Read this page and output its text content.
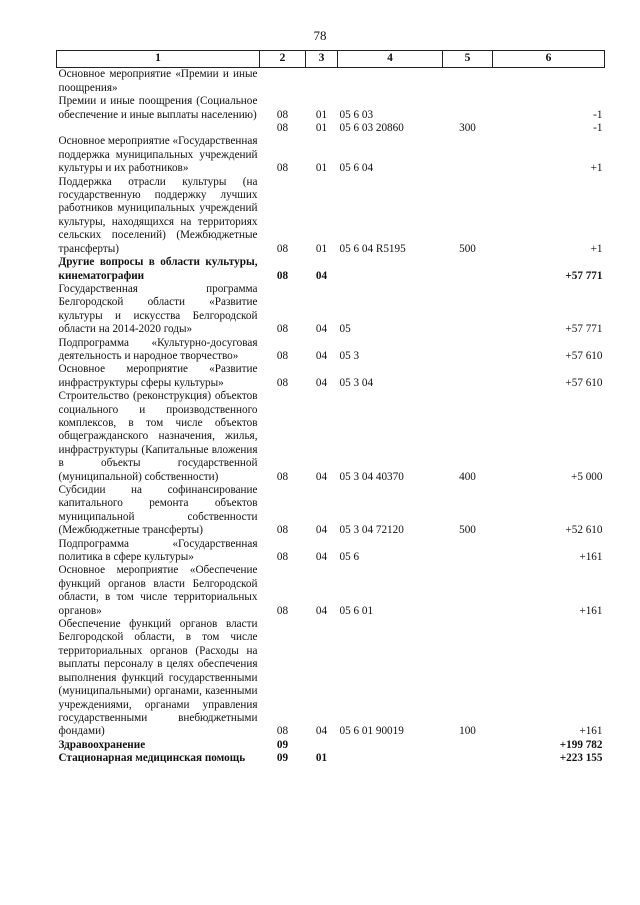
78
1	2	3	4	5	6
Основное мероприятие «Премии и иные поощрения»					
Премии и иные поощрения (Социальное обеспечение и иные выплаты населению)	08	01	05 6 03		-1
	08	01	05 6 03 20860	300	-1
Основное мероприятие «Государственная поддержка муниципальных учреждений культуры и их работников»	08	01	05 6 04		+1
Поддержка отрасли культуры (на государственную поддержку лучших работников муниципальных учреждений культуры, находящихся на территориях сельских поселений) (Межбюджетные трансферты)	08	01	05 6 04 R5195	500	+1
Другие вопросы в области культуры, кинематографии	08	04			+57 771
Государственная программа Белгородской области «Развитие культуры и искусства Белгородской области на 2014-2020 годы»	08	04	05		+57 771
Подпрограмма «Культурно-досуговая деятельность и народное творчество»	08	04	05 3		+57 610
Основное мероприятие «Развитие инфраструктуры сферы культуры»	08	04	05 3 04		+57 610
Строительство (реконструкция) объектов социального и производственного комплексов, в том числе объектов общегражданского назначения, жилья, инфраструктуры (Капитальные вложения в объекты государственной (муниципальной) собственности)	08	04	05 3 04 40370	400	+5 000
Субсидии на софинансирование капитального ремонта объектов муниципальной собственности (Межбюджетные трансферты)	08	04	05 3 04 72120	500	+52 610
Подпрограмма «Государственная политика в сфере культуры»	08	04	05 6		+161
Основное мероприятие «Обеспечение функций органов власти Белгородской области, в том числе территориальных органов»	08	04	05 6 01		+161
Обеспечение функций органов власти Белгородской области, в том числе территориальных органов (Расходы на выплаты персоналу в целях обеспечения выполнения функций государственными (муниципальными) органами, казенными учреждениями, органами управления государственными внебюджетными фондами)	08	04	05 6 01 90019	100	+161
Здравоохранение	09				+199 782
Стационарная медицинская помощь	09	01			+223 155
